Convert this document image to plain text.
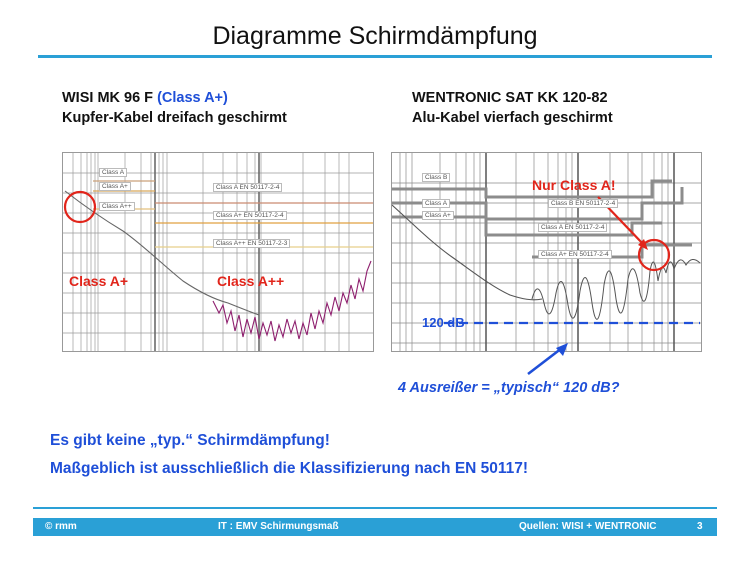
Diagramme Schirmdämpfung
WISI MK 96 F (Class A+)
Kupfer-Kabel dreifach geschirmt
WENTRONIC SAT KK 120-82
Alu-Kabel vierfach geschirmt
Class A
Class A+
Class A++
Class A EN 50117-2-4
Class A+ EN 50117-2-4
Class A++ EN 50117-2-3
Class A+	Class A++
Class B
Class A
Class A+
Class B EN 50117-2-4
Class A EN 50117-2-4
Class A+ EN 50117-2-4
Nur Class A!
120 dB
4 Ausreißer = „typisch“ 120 dB?
Es gibt keine „typ.“ Schirmdämpfung!
Maßgeblich ist ausschließlich die Klassifizierung nach EN 50117!
© rmm	IT : EMV Schirmungsmaß	Quellen: WISI + WENTRONIC	3
